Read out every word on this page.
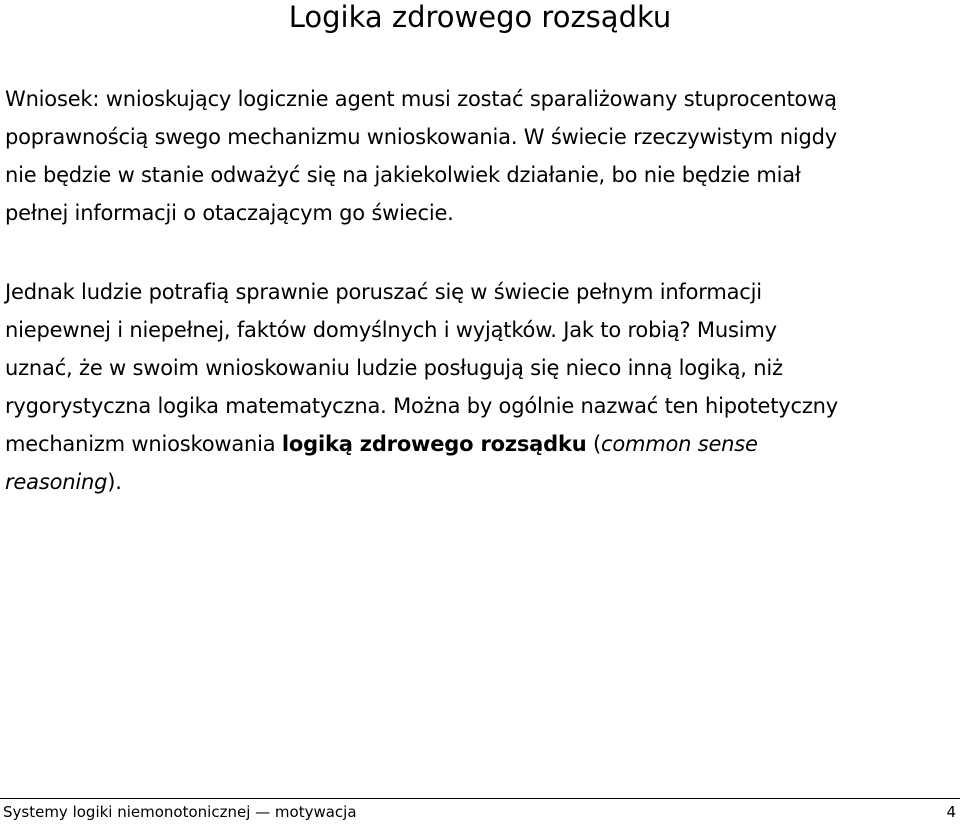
Logika zdrowego rozsądku

Wniosek: wnioskujący logicznie agent musi zostać sparaliżowany stuprocentową
poprawnością swego mechanizmu wnioskowania. W świecie rzeczywistym nigdy
nie będzie w stanie odważyć się na jakiekolwiek działanie, bo nie będzie miał
pełnej informacji o otaczającym go świecie.

Jednak ludzie potrafią sprawnie poruszać się w świecie pełnym informacji
niepewnej i niepełnej, faktów domyślnych i wyjątków. Jak to robią? Musimy
uznać, że w swoim wnioskowaniu ludzie posługują się nieco inną logiką, niż
rygorystyczna logika matematyczna. Można by ogólnie nazwać ten hipotetyczny
mechanizm wnioskowania logiką zdrowego rozsądku (common sense
reasoning).

Systemy logiki niemonotonicznej — motywacja	4
